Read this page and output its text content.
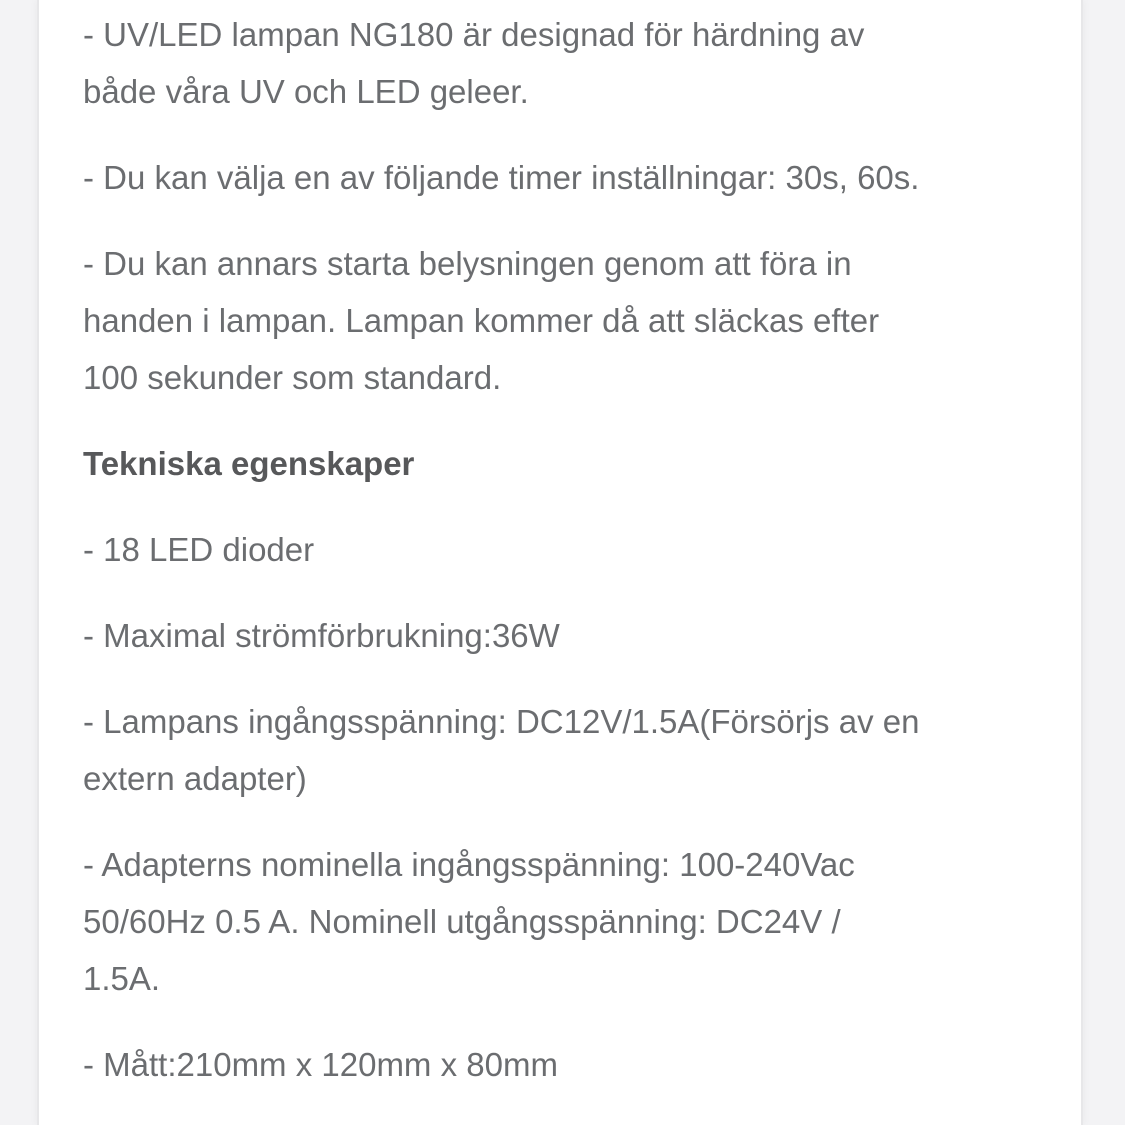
- UV/LED lampan NG180 är designad för härdning av
både våra UV och LED geleer.
- Du kan välja en av följande timer inställningar: 30s, 60s.
- Du kan annars starta belysningen genom att föra in
handen i lampan. Lampan kommer då att släckas efter
100 sekunder som standard.
Tekniska egenskaper
- 18 LED dioder
- Maximal strömförbrukning:36W
- Lampans ingångsspänning: DC12V/1.5A(Försörjs av en
extern adapter)
- Adapterns nominella ingångsspänning: 100-240Vac
50/60Hz 0.5 A. Nominell utgångsspänning: DC24V /
1.5A.
- Mått:210mm x 120mm x 80mm
